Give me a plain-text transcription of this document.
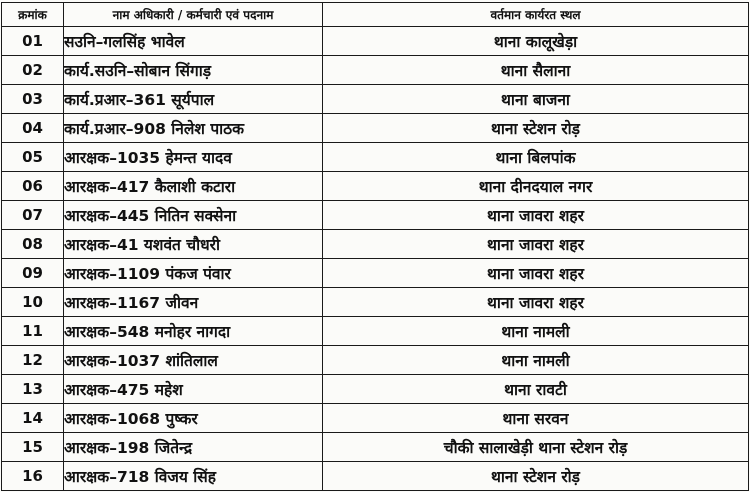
क्रमांक	नाम अधिकारी / कर्मचारी एवं पदनाम	वर्तमान कार्यरत स्थल
01	सउनि–गलसिंह भावेल	थाना कालूखेड़ा
02	कार्य.सउनि–सोबान सिंगाड़	थाना सैलाना
03	कार्य.प्रआर–361 सूर्यपाल	थाना बाजना
04	कार्य.प्रआर–908 निलेश पाठक	थाना स्टेशन रोड़
05	आरक्षक–1035 हेमन्त यादव	थाना बिलपांक
06	आरक्षक–417 कैलाशी कटारा	थाना दीनदयाल नगर
07	आरक्षक–445 नितिन सक्सेना	थाना जावरा शहर
08	आरक्षक–41 यशवंत चौधरी	थाना जावरा शहर
09	आरक्षक–1109 पंकज पंवार	थाना जावरा शहर
10	आरक्षक–1167 जीवन	थाना जावरा शहर
11	आरक्षक–548 मनोहर नागदा	थाना नामली
12	आरक्षक–1037 शांतिलाल	थाना नामली
13	आरक्षक–475 महेश	थाना रावटी
14	आरक्षक–1068 पुष्कर	थाना सरवन
15	आरक्षक–198 जितेन्द्र	चौकी सालाखेड़ी थाना स्टेशन रोड़
16	आरक्षक–718 विजय सिंह	थाना स्टेशन रोड़
